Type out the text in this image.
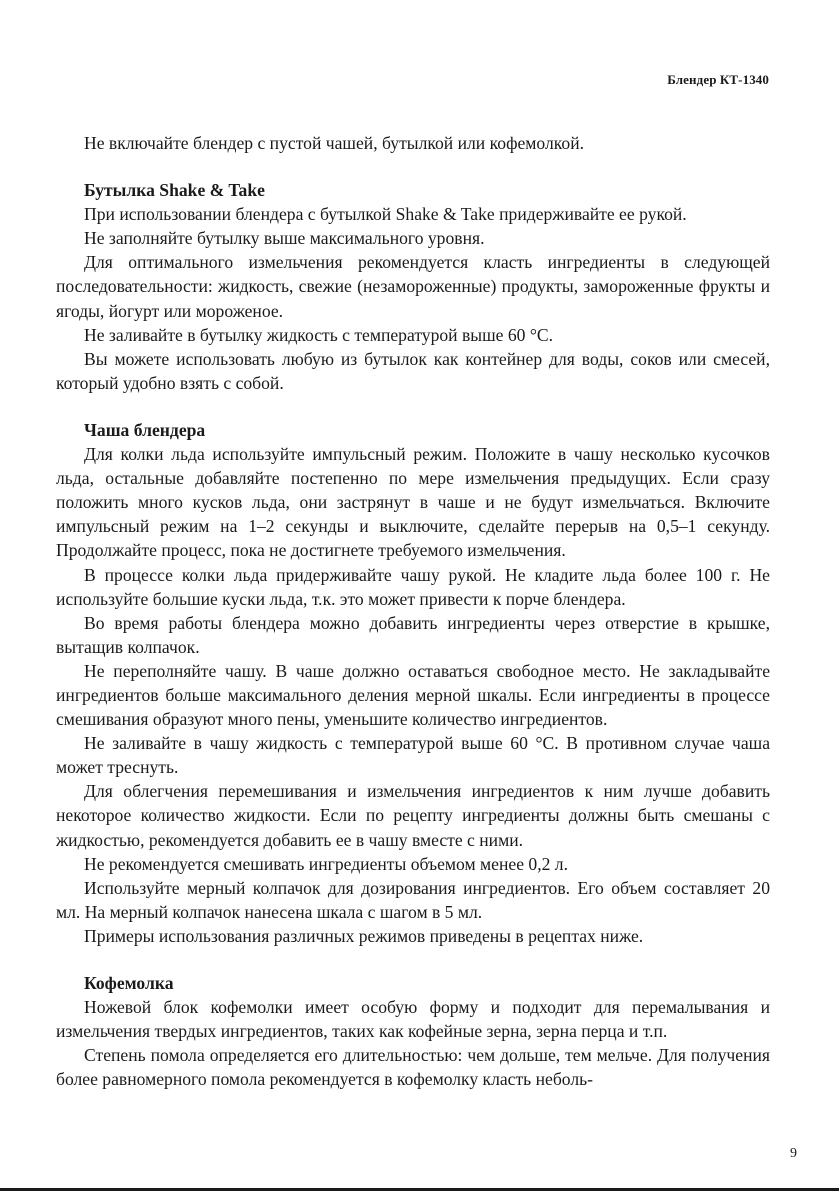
Блендер КТ-1340

Не включайте блендер с пустой чашей, бутылкой или кофемолкой.

Бутылка Shake & Take

При использовании блендера с бутылкой Shake & Take придерживайте ее рукой.

Не заполняйте бутылку выше максимального уровня.

Для оптимального измельчения рекомендуется класть ингредиенты в следующей последовательности: жидкость, свежие (незамороженные) продукты, замороженные фрукты и ягоды, йогурт или мороженое.

Не заливайте в бутылку жидкость с температурой выше 60 °C.

Вы можете использовать любую из бутылок как контейнер для воды, соков или смесей, который удобно взять с собой.

Чаша блендера

Для колки льда используйте импульсный режим. Положите в чашу несколько кусочков льда, остальные добавляйте постепенно по мере измельчения предыдущих. Если сразу положить много кусков льда, они застрянут в чаше и не будут измельчаться. Включите импульсный режим на 1–2 секунды и выключите, сделайте перерыв на 0,5–1 секунду. Продолжайте процесс, пока не достигнете требуемого измельчения.

В процессе колки льда придерживайте чашу рукой. Не кладите льда более 100 г. Не используйте большие куски льда, т.к. это может привести к порче блендера.

Во время работы блендера можно добавить ингредиенты через отверстие в крышке, вытащив колпачок.

Не переполняйте чашу. В чаше должно оставаться свободное место. Не закладывайте ингредиентов больше максимального деления мерной шкалы. Если ингредиенты в процессе смешивания образуют много пены, уменьшите количество ингредиентов.

Не заливайте в чашу жидкость с температурой выше 60 °C. В противном случае чаша может треснуть.

Для облегчения перемешивания и измельчения ингредиентов к ним лучше добавить некоторое количество жидкости. Если по рецепту ингредиенты должны быть смешаны с жидкостью, рекомендуется добавить ее в чашу вместе с ними.

Не рекомендуется смешивать ингредиенты объемом менее 0,2 л.

Используйте мерный колпачок для дозирования ингредиентов. Его объем составляет 20 мл. На мерный колпачок нанесена шкала с шагом в 5 мл.

Примеры использования различных режимов приведены в рецептах ниже.

Кофемолка

Ножевой блок кофемолки имеет особую форму и подходит для перемалывания и измельчения твердых ингредиентов, таких как кофейные зерна, зерна перца и т.п.

Степень помола определяется его длительностью: чем дольше, тем мельче. Для получения более равномерного помола рекомендуется в кофемолку класть неболь-

9
